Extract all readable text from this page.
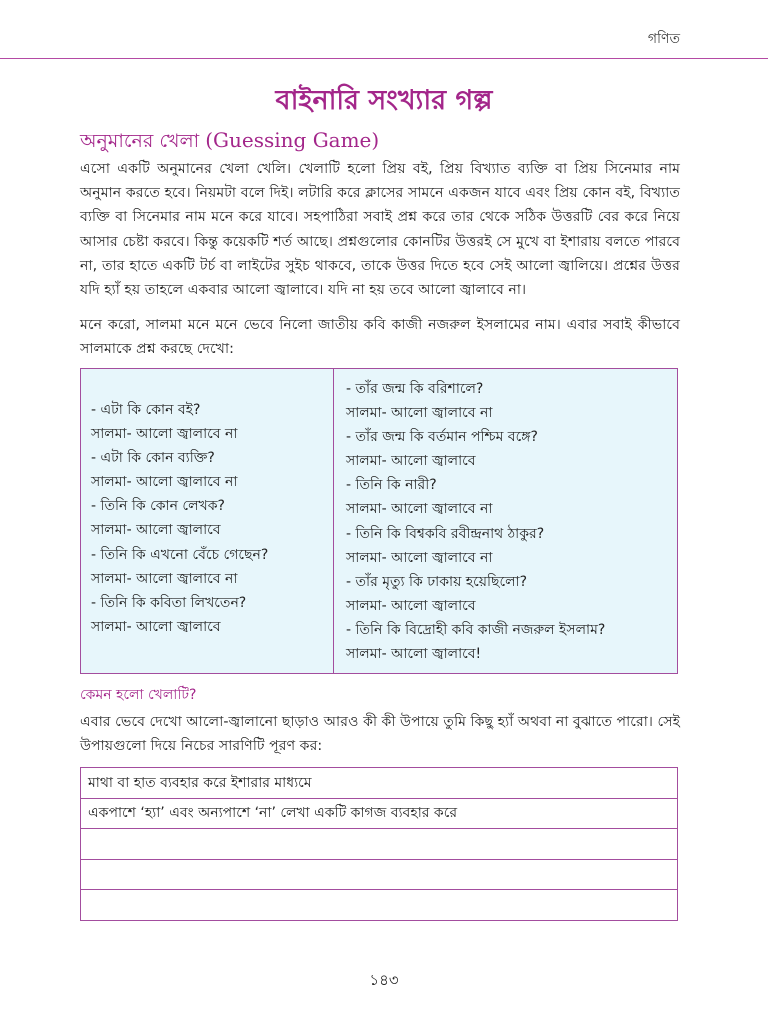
গণিত
বাইনারি সংখ্যার গল্প
অনুমানের খেলা (Guessing Game)

এসো একটি অনুমানের খেলা খেলি। খেলাটি হলো প্রিয় বই, প্রিয় বিখ্যাত ব্যক্তি বা প্রিয় সিনেমার নাম অনুমান করতে হবে। নিয়মটা বলে দিই। লটারি করে ক্লাসের সামনে একজন যাবে এবং প্রিয় কোন বই, বিখ্যাত ব্যক্তি বা সিনেমার নাম মনে করে যাবে। সহপাঠিরা সবাই প্রশ্ন করে তার থেকে সঠিক উত্তরটি বের করে নিয়ে আসার চেষ্টা করবে। কিন্তু কয়েকটি শর্ত আছে। প্রশ্নগুলোর কোনটির উত্তরই সে মুখে বা ইশারায় বলতে পারবে না, তার হাতে একটি টর্চ বা লাইটের সুইচ থাকবে, তাকে উত্তর দিতে হবে সেই আলো জ্বালিয়ে। প্রশ্নের উত্তর যদি হ্যাঁ হয় তাহলে একবার আলো জ্বালাবে। যদি না হয় তবে আলো জ্বালাবে না।

মনে করো, সালমা মনে মনে ভেবে নিলো জাতীয় কবি কাজী নজরুল ইসলামের নাম। এবার সবাই কীভাবে সালমাকে প্রশ্ন করছে দেখো:

- এটা কি কোন বই?
সালমা- আলো জ্বালাবে না
- এটা কি কোন ব্যক্তি?
সালমা- আলো জ্বালাবে না
- তিনি কি কোন লেখক?
সালমা- আলো জ্বালাবে
- তিনি কি এখনো বেঁচে গেছেন?
সালমা- আলো জ্বালাবে না
- তিনি কি কবিতা লিখতেন?
সালমা- আলো জ্বালাবে
- তাঁর জন্ম কি বরিশালে?
সালমা- আলো জ্বালাবে না
- তাঁর জন্ম কি বর্তমান পশ্চিম বঙ্গে?
সালমা- আলো জ্বালাবে
- তিনি কি নারী?
সালমা- আলো জ্বালাবে না
- তিনি কি বিশ্বকবি রবীন্দ্রনাথ ঠাকুর?
সালমা- আলো জ্বালাবে না
- তাঁর মৃত্যু কি ঢাকায় হয়েছিলো?
সালমা- আলো জ্বালাবে
- তিনি কি বিদ্রোহী কবি কাজী নজরুল ইসলাম?
সালমা- আলো জ্বালাবে!
কেমন হলো খেলাটি?

এবার ভেবে দেখো আলো-জ্বালানো ছাড়াও আরও কী কী উপায়ে তুমি কিছু হ্যাঁ অথবা না বুঝাতে পারো। সেই উপায়গুলো দিয়ে নিচের সারণিটি পূরণ কর:

মাথা বা হাত ব্যবহার করে ইশারার মাধ্যমে
একপাশে ‘হ্যা’ এবং অন্যপাশে ‘না’ লেখা একটি কাগজ ব্যবহার করে

১৪৩
